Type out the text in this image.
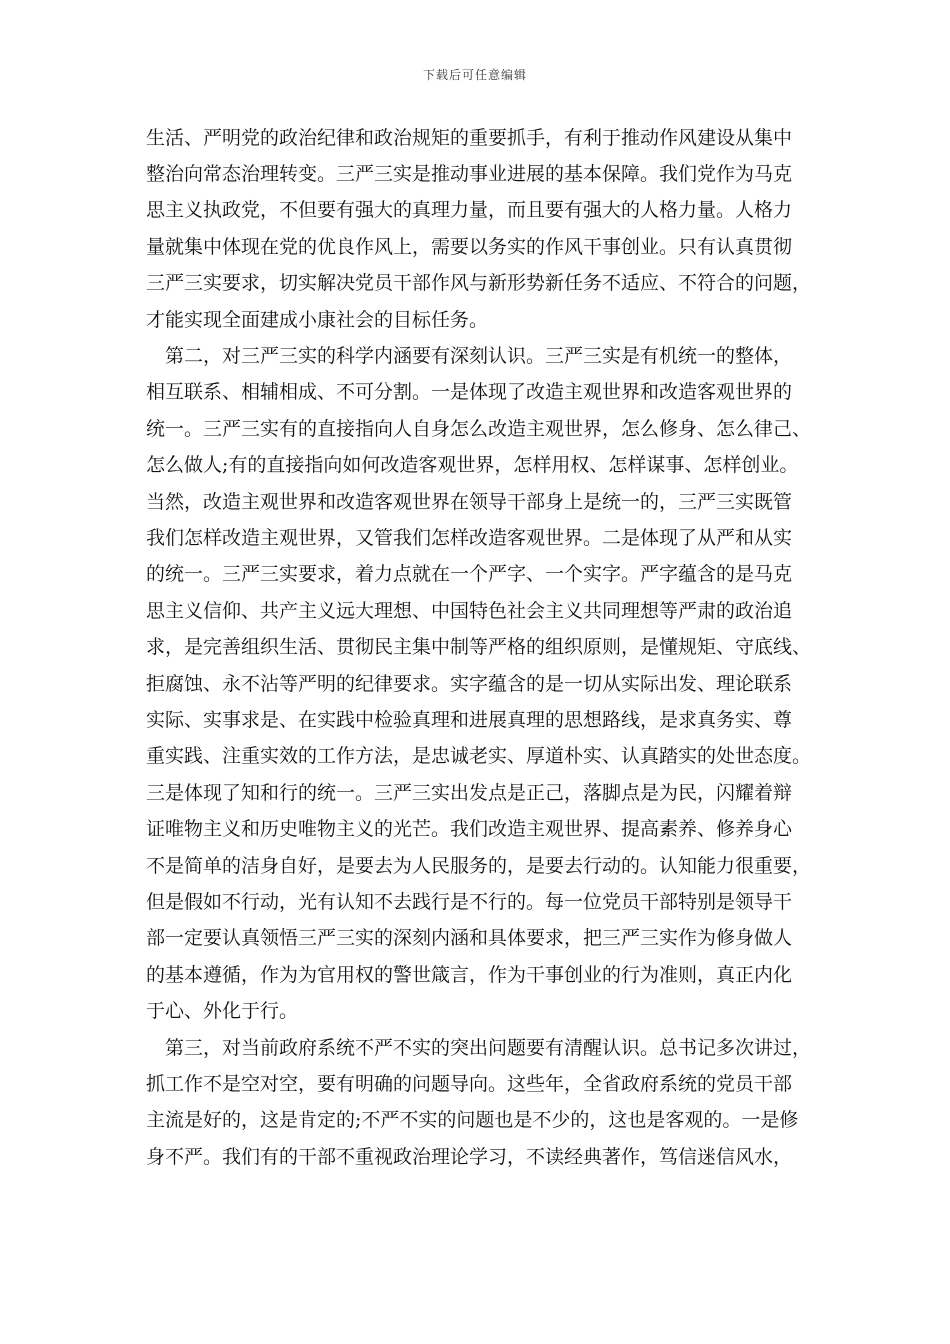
下载后可任意编辑
生活、严明党的政治纪律和政治规矩的重要抓手，有利于推动作风建设从集中
整治向常态治理转变。三严三实是推动事业进展的基本保障。我们党作为马克
思主义执政党，不但要有强大的真理力量，而且要有强大的人格力量。人格力
量就集中体现在党的优良作风上，需要以务实的作风干事创业。只有认真贯彻
三严三实要求，切实解决党员干部作风与新形势新任务不适应、不符合的问题，
才能实现全面建成小康社会的目标任务。
第二，对三严三实的科学内涵要有深刻认识。三严三实是有机统一的整体，
相互联系、相辅相成、不可分割。一是体现了改造主观世界和改造客观世界的
统一。三严三实有的直接指向人自身怎么改造主观世界，怎么修身、怎么律己、
怎么做人;有的直接指向如何改造客观世界，怎样用权、怎样谋事、怎样创业。
当然，改造主观世界和改造客观世界在领导干部身上是统一的，三严三实既管
我们怎样改造主观世界，又管我们怎样改造客观世界。二是体现了从严和从实
的统一。三严三实要求，着力点就在一个严字、一个实字。严字蕴含的是马克
思主义信仰、共产主义远大理想、中国特色社会主义共同理想等严肃的政治追
求，是完善组织生活、贯彻民主集中制等严格的组织原则，是懂规矩、守底线、
拒腐蚀、永不沾等严明的纪律要求。实字蕴含的是一切从实际出发、理论联系
实际、实事求是、在实践中检验真理和进展真理的思想路线，是求真务实、尊
重实践、注重实效的工作方法，是忠诚老实、厚道朴实、认真踏实的处世态度。
三是体现了知和行的统一。三严三实出发点是正己，落脚点是为民，闪耀着辩
证唯物主义和历史唯物主义的光芒。我们改造主观世界、提高素养、修养身心
不是简单的洁身自好，是要去为人民服务的，是要去行动的。认知能力很重要，
但是假如不行动，光有认知不去践行是不行的。每一位党员干部特别是领导干
部一定要认真领悟三严三实的深刻内涵和具体要求，把三严三实作为修身做人
的基本遵循，作为为官用权的警世箴言，作为干事创业的行为准则，真正内化
于心、外化于行。
第三，对当前政府系统不严不实的突出问题要有清醒认识。总书记多次讲过，
抓工作不是空对空，要有明确的问题导向。这些年，全省政府系统的党员干部
主流是好的，这是肯定的;不严不实的问题也是不少的，这也是客观的。一是修
身不严。我们有的干部不重视政治理论学习，不读经典著作，笃信迷信风水，
